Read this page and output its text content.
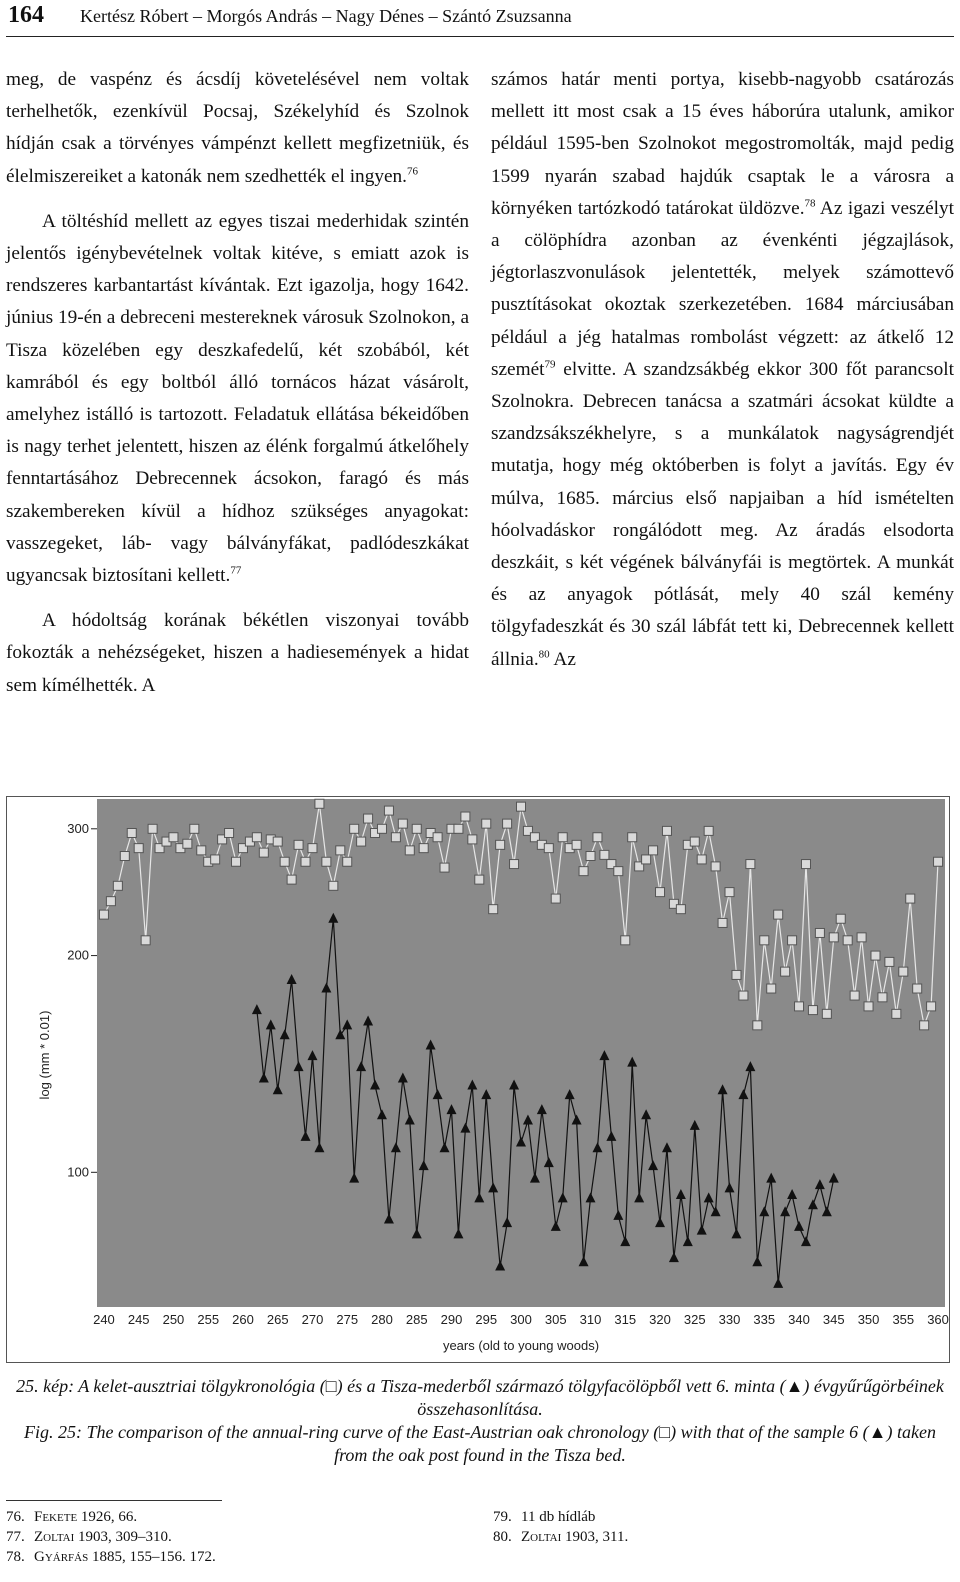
164 Kertész Róbert – Morgós András – Nagy Dénes – Szántó Zsuzsanna

meg, de vaspénz és ácsdíj követelésével nem voltak terhelhetők, ezenkívül Pocsaj, Székelyhíd és Szolnok hídján csak a törvényes vámpénzt kellett megfizetniük, és élelmiszereiket a katonák nem szedhették el ingyen.$^{76}$

A töltéshíd mellett az egyes tiszai mederhidak szintén jelentős igénybevételnek voltak kitéve, s emiatt azok is rendszeres karbantartást kívántak. Ezt igazolja, hogy 1642. június 19-én a debreceni mestereknek városuk Szolnokon, a Tisza közelében egy deszkafedelű, két szobából, két kamrából és egy boltból álló tornácos házat vásárolt, amelyhez istálló is tartozott. Feladatuk ellátása békeidőben is nagy terhet jelentett, hiszen az élénk forgalmú átkelőhely fenntartásához Debrecennek ácsokon, faragó és más szakembereken kívül a hídhoz szükséges anyagokat: vasszegeket, láb- vagy bálványfákat, padlódeszkákat ugyancsak biztosítani kellett.$^{77}$

A hódoltság korának békétlen viszonyai tovább fokozták a nehézségeket, hiszen a hadiesemények a hidat sem kímélhették. A

számos határ menti portya, kisebb-nagyobb csatározás mellett itt most csak a 15 éves háborúra utalunk, amikor például 1595-ben Szolnokot megostromolták, majd pedig 1599 nyarán szabad hajdúk csaptak le a városra a környéken tartózkodó tatárokat üldözve.$^{78}$ Az igazi veszélyt a cölöphídra azonban az évenkénti jégzajlások, jégtorlaszvonulások jelentették, melyek számottevő pusztításokat okoztak szerkezetében. 1684 márciusában például a jég hatalmas rombolást végzett: az átkelő 12 szemét$^{79}$ elvitte. A szandzsákbég ekkor 300 főt parancsolt Szolnokra. Debrecen tanácsa a szatmári ácsokat küldte a szandzsákszékhelyre, s a munkálatok nagyságrendjét mutatja, hogy még októberben is folyt a javítás. Egy év múlva, 1685. március első napjaiban a híd ismételten hóolvadáskor rongálódott meg. Az áradás elsodorta deszkáit, s két végének bálványfái is megtörtek. A munkát és az anyagok pótlását, mely 40 szál kemény tölgyfadeszkát és 30 szál lábfát tett ki, Debrecennek kellett állnia.$^{80}$ Az

300
200
100
240 245 250 255 260 265 270 275 280 285 290 295 300 305 310 315 320 325 330 335 340 345 350 355 360
log (mm * 0.01)
years (old to young woods)

25. kép: A kelet-ausztriai tölgykronológia (□) és a Tisza-mederből származó tölgyfacölöpből vett 6. minta (▲) évgyűrűgörbéinek összehasonlítása.

Fig. 25: The comparison of the annual-ring curve of the East-Austrian oak chronology (□) with that of the sample 6 (▲) taken from the oak post found in the Tisza bed.

76. Fekete 1926, 66.
77. Zoltai 1903, 309–310.
78. Gyárfás 1885, 155–156. 172.
79. 11 db hídláb
80. Zoltai 1903, 311.
